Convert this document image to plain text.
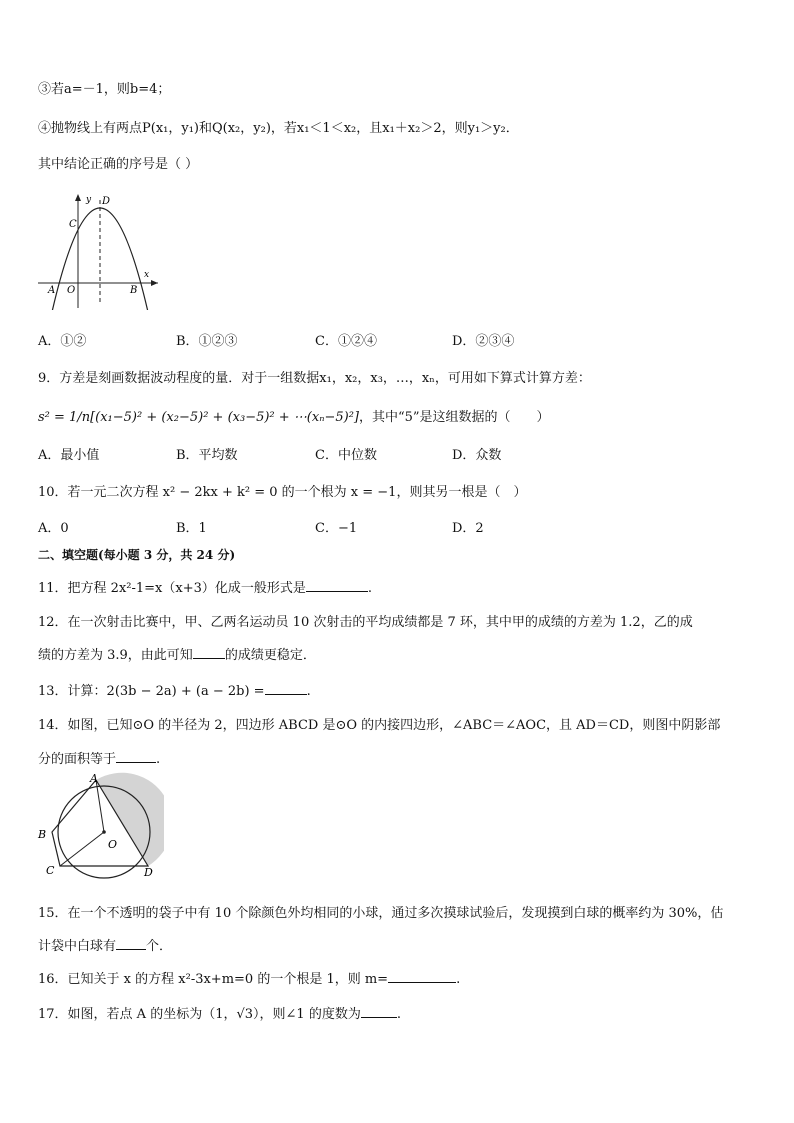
③若a=－1，则b=4；
④抛物线上有两点P(x₁，y₁)和Q(x₂，y₂)，若x₁＜1＜x₂，且x₁＋x₂＞2，则y₁＞y₂．
其中结论正确的序号是（ ）
y D
C
x
A O	B
A．①②	B．①②③	C．①②④	D．②③④
9．方差是刻画数据波动程度的量．对于一组数据x₁，x₂，x₃，…，xₙ，可用如下算式计算方差：
s² = 1/n[(x₁−5)² + (x₂−5)² + (x₃−5)² + ⋯(xₙ−5)²]，其中“5”是这组数据的（　　）
A．最小值	B．平均数	C．中位数	D．众数
10．若一元二次方程 x² − 2kx + k² = 0 的一个根为 x = −1，则其另一根是（　）
A．0	B．1	C．−1	D．2
二、填空题(每小题 3 分，共 24 分)
11．把方程 2x²-1=x（x+3）化成一般形式是	.
12．在一次射击比赛中，甲、乙两名运动员 10 次射击的平均成绩都是 7 环，其中甲的成绩的方差为 1.2，乙的成
绩的方差为 3.9，由此可知 的成绩更稳定．
13．计算：2(3b − 2a) + (a − 2b) =	.
14．如图，已知⊙O 的半径为 2，四边形 ABCD 是⊙O 的内接四边形，∠ABC＝∠AOC，且 AD＝CD，则图中阴影部
分的面积等于	.
A
B
C	D
O
15．在一个不透明的袋子中有 10 个除颜色外均相同的小球，通过多次摸球试验后，发现摸到白球的概率约为 30%，估
计袋中白球有 个．
16．已知关于 x 的方程 x²-3x+m=0 的一个根是 1，则 m=	.
17．如图，若点 A 的坐标为（1，√3），则∠1 的度数为	.
